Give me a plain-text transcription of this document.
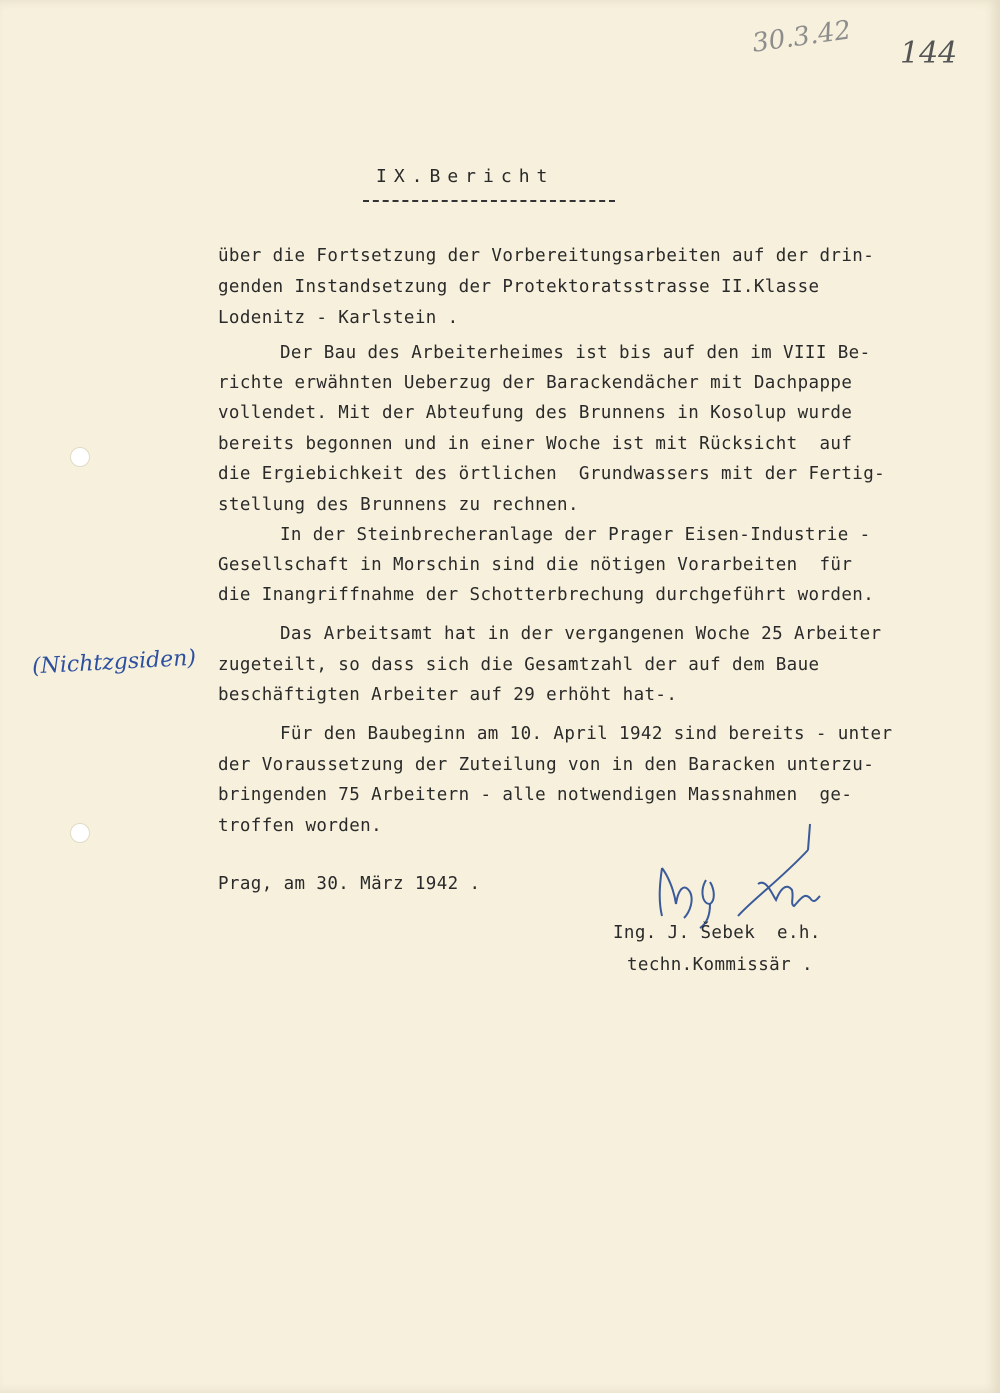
30.3.42 144
IX.Bericht
über die Fortsetzung der Vorbereitungsarbeiten auf der drin-
genden Instandsetzung der Protektoratsstrasse II.Klasse
Lodenitz - Karlstein .
Der Bau des Arbeiterheimes ist bis auf den im VIII Be-
richte erwähnten Ueberzug der Barackendächer mit Dachpappe
vollendet. Mit der Abteufung des Brunnens in Kosolup wurde
bereits begonnen und in einer Woche ist mit Rücksicht  auf
die Ergiebichkeit des örtlichen  Grundwassers mit der Fertig-
stellung des Brunnens zu rechnen.
In der Steinbrecheranlage der Prager Eisen-Industrie -
Gesellschaft in Morschin sind die nötigen Vorarbeiten  für
die Inangriffnahme der Schotterbrechung durchgeführt worden.
Das Arbeitsamt hat in der vergangenen Woche 25 Arbeiter
zugeteilt, so dass sich die Gesamtzahl der auf dem Baue
beschäftigten Arbeiter auf 29 erhöht hat-.
Für den Baubeginn am 10. April 1942 sind bereits - unter
der Voraussetzung der Zuteilung von in den Baracken unterzu-
bringenden 75 Arbeitern - alle notwendigen Massnahmen  ge-
troffen worden.
(Nichtzgsiden)
Prag, am 30. März 1942 .
Ing. J. Šebek  e.h.
techn.Kommissär .
